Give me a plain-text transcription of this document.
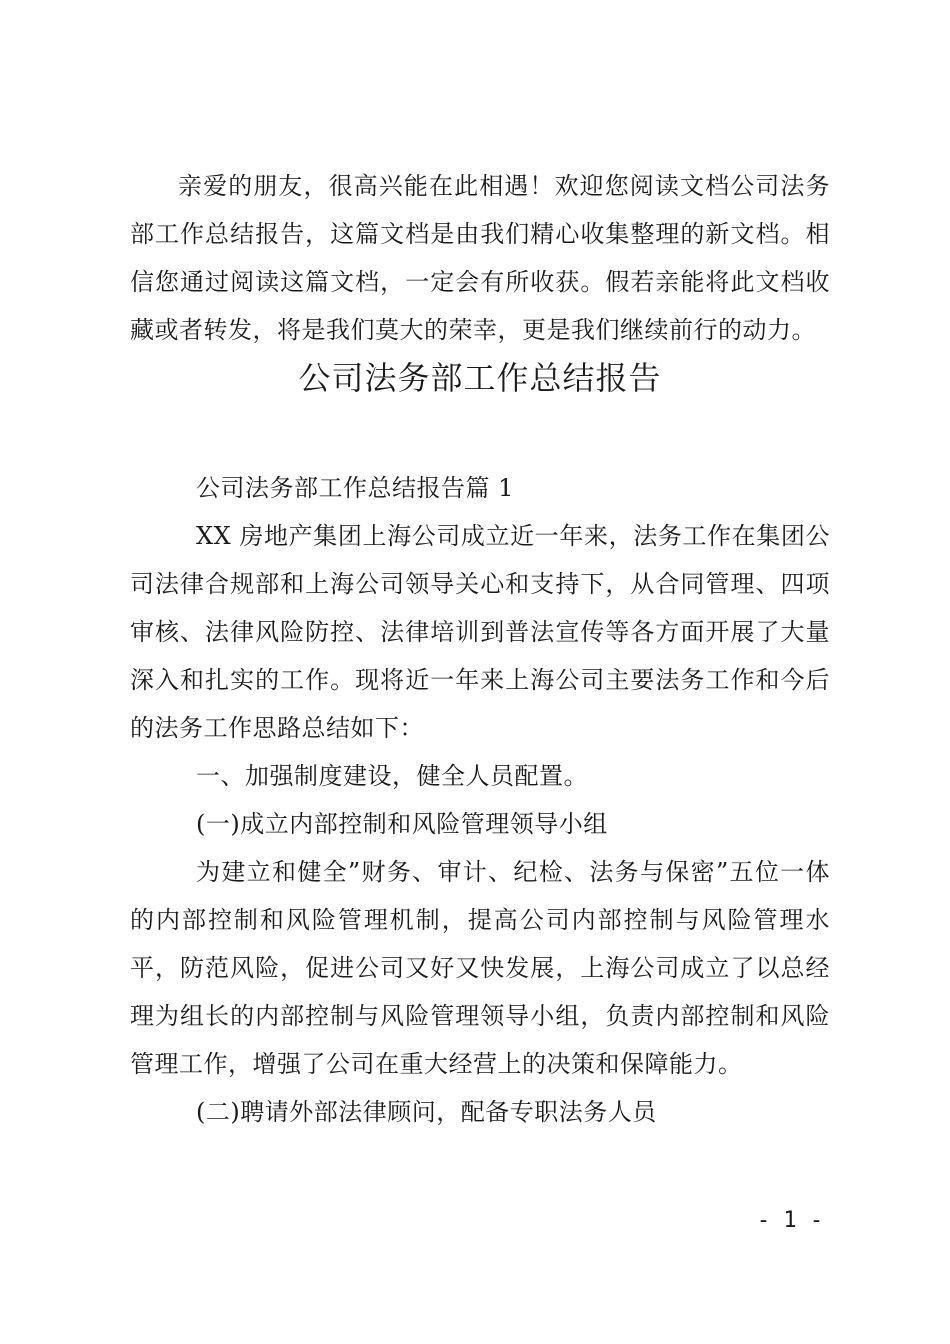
亲爱的朋友，很高兴能在此相遇！欢迎您阅读文档公司法务部工作总结报告，这篇文档是由我们精心收集整理的新文档。相信您通过阅读这篇文档，一定会有所收获。假若亲能将此文档收藏或者转发，将是我们莫大的荣幸，更是我们继续前行的动力。

公司法务部工作总结报告

公司法务部工作总结报告篇 1

XX 房地产集团上海公司成立近一年来，法务工作在集团公司法律合规部和上海公司领导关心和支持下，从合同管理、四项审核、法律风险防控、法律培训到普法宣传等各方面开展了大量深入和扎实的工作。现将近一年来上海公司主要法务工作和今后的法务工作思路总结如下：

一、加强制度建设，健全人员配置。

(一)成立内部控制和风险管理领导小组

为建立和健全”财务、审计、纪检、法务与保密”五位一体的内部控制和风险管理机制，提高公司内部控制与风险管理水平，防范风险，促进公司又好又快发展，上海公司成立了以总经理为组长的内部控制与风险管理领导小组，负责内部控制和风险管理工作，增强了公司在重大经营上的决策和保障能力。

(二)聘请外部法律顾问，配备专职法务人员

- 1 -
